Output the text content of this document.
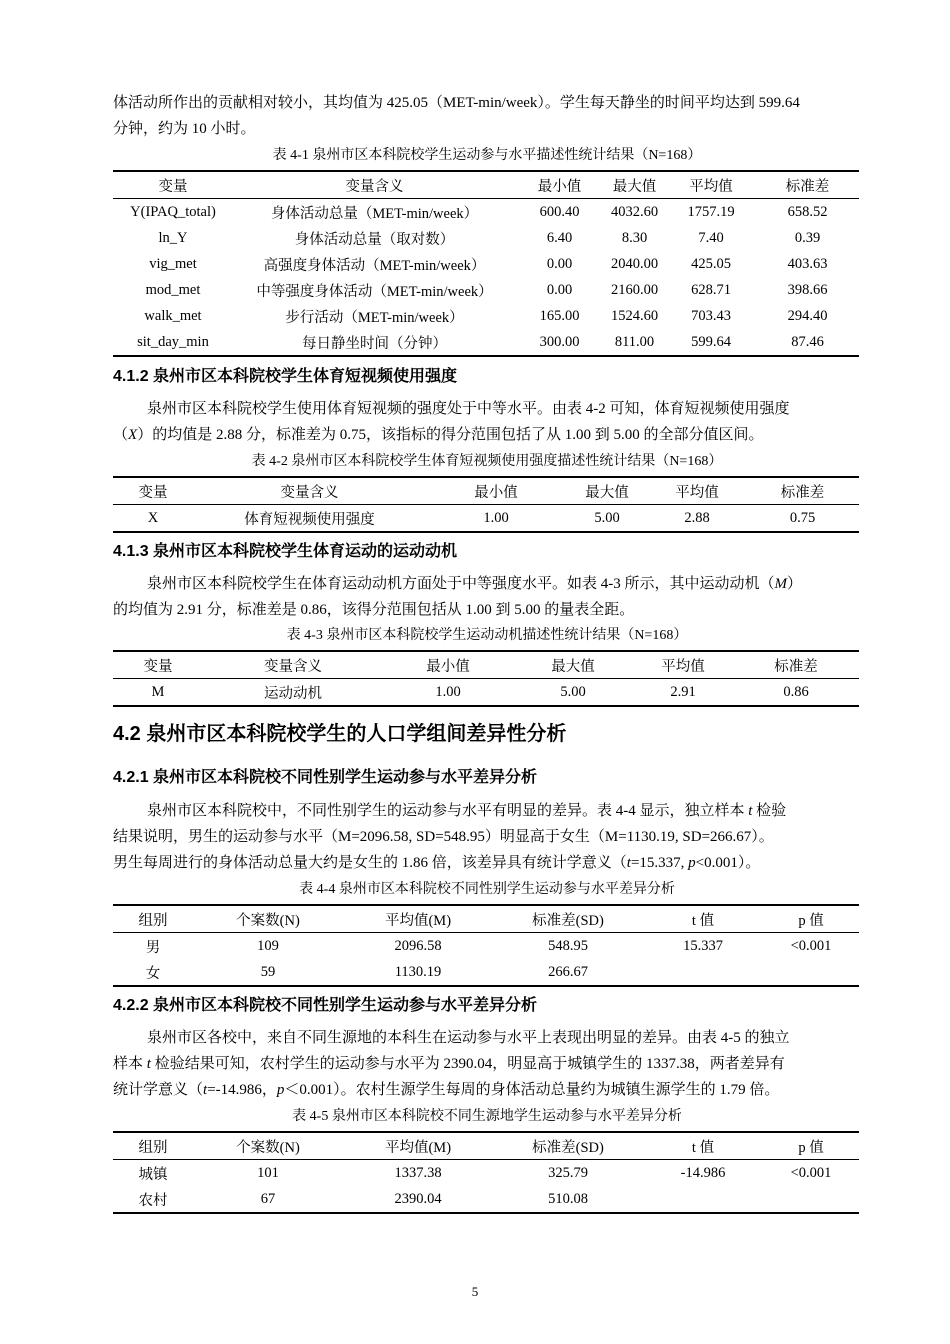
体活动所作出的贡献相对较小，其均值为 425.05（MET-min/week）。学生每天静坐的时间平均达到 599.64
分钟，约为 10 小时。

表 4-1 泉州市区本科院校学生运动参与水平描述性统计结果（N=168）

变量	变量含义	最小值	最大值	平均值	标准差
Y(IPAQ_total)	身体活动总量（MET-min/week）	600.40	4032.60	1757.19	658.52
ln_Y	身体活动总量（取对数）	6.40	8.30	7.40	0.39
vig_met	高强度身体活动（MET-min/week）	0.00	2040.00	425.05	403.63
mod_met	中等强度身体活动（MET-min/week）	0.00	2160.00	628.71	398.66
walk_met	步行活动（MET-min/week）	165.00	1524.60	703.43	294.40
sit_day_min	每日静坐时间（分钟）	300.00	811.00	599.64	87.46
4.1.2 泉州市区本科院校学生体育短视频使用强度

泉州市区本科院校学生使用体育短视频的强度处于中等水平。由表 4-2 可知，体育短视频使用强度
（X）的均值是 2.88 分，标准差为 0.75，该指标的得分范围包括了从 1.00 到 5.00 的全部分值区间。

表 4-2 泉州市区本科院校学生体育短视频使用强度描述性统计结果（N=168）

变量	变量含义	最小值	最大值	平均值	标准差
X	体育短视频使用强度	1.00	5.00	2.88	0.75
4.1.3 泉州市区本科院校学生体育运动的运动动机

泉州市区本科院校学生在体育运动动机方面处于中等强度水平。如表 4-3 所示，其中运动动机（M）
的均值为 2.91 分，标准差是 0.86，该得分范围包括从 1.00 到 5.00 的量表全距。

表 4-3 泉州市区本科院校学生运动动机描述性统计结果（N=168）

变量	变量含义	最小值	最大值	平均值	标准差
M	运动动机	1.00	5.00	2.91	0.86
4.2 泉州市区本科院校学生的人口学组间差异性分析
4.2.1 泉州市区本科院校不同性别学生运动参与水平差异分析

泉州市区本科院校中，不同性别学生的运动参与水平有明显的差异。表 4-4 显示，独立样本 t 检验
结果说明，男生的运动参与水平（M=2096.58, SD=548.95）明显高于女生（M=1130.19, SD=266.67）。
男生每周进行的身体活动总量大约是女生的 1.86 倍，该差异具有统计学意义（t=15.337, p<0.001）。

表 4-4 泉州市区本科院校不同性别学生运动参与水平差异分析

组别	个案数(N)	平均值(M)	标准差(SD)	t 值	p 值
男	109	2096.58	548.95	15.337	<0.001
女	59	1130.19	266.67		
4.2.2 泉州市区本科院校不同性别学生运动参与水平差异分析

泉州市区各校中，来自不同生源地的本科生在运动参与水平上表现出明显的差异。由表 4-5 的独立
样本 t 检验结果可知，农村学生的运动参与水平为 2390.04，明显高于城镇学生的 1337.38，两者差异有
统计学意义（t=-14.986，p＜0.001）。农村生源学生每周的身体活动总量约为城镇生源学生的 1.79 倍。

表 4-5 泉州市区本科院校不同生源地学生运动参与水平差异分析

组别	个案数(N)	平均值(M)	标准差(SD)	t 值	p 值
城镇	101	1337.38	325.79	-14.986	<0.001
农村	67	2390.04	510.08		
5
